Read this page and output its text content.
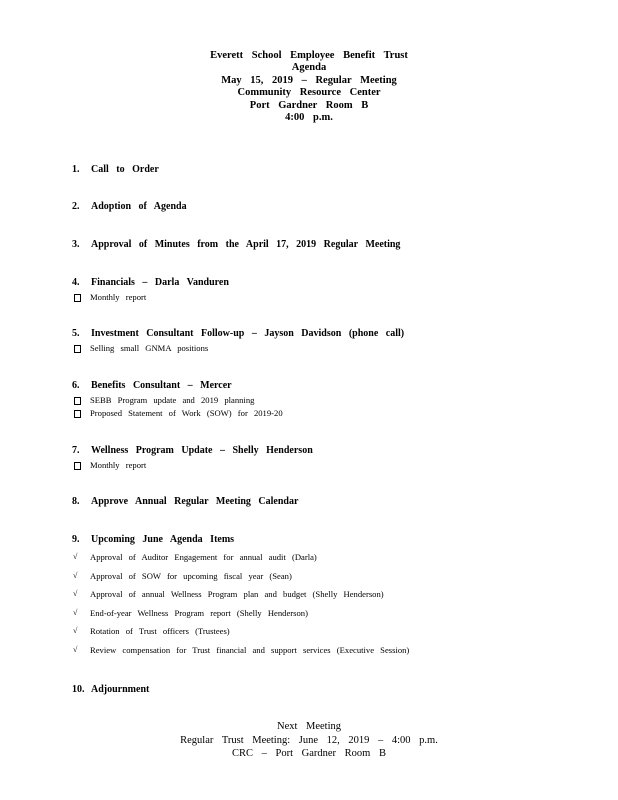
Everett School Employee Benefit Trust
Agenda
May 15, 2019 – Regular Meeting
Community Resource Center
Port Gardner Room B
4:00 p.m.
1. Call to Order
2. Adoption of Agenda
3. Approval of Minutes from the April 17, 2019 Regular Meeting
4. Financials – Darla Vanduren
Monthly report
5. Investment Consultant Follow-up – Jayson Davidson (phone call)
Selling small GNMA positions
6. Benefits Consultant – Mercer
SEBB Program update and 2019 planning
Proposed Statement of Work (SOW) for 2019-20
7. Wellness Program Update – Shelly Henderson
Monthly report
8. Approve Annual Regular Meeting Calendar
9. Upcoming June Agenda Items
√ Approval of Auditor Engagement for annual audit (Darla)
√ Approval of SOW for upcoming fiscal year (Sean)
√ Approval of annual Wellness Program plan and budget (Shelly Henderson)
√ End-of-year Wellness Program report (Shelly Henderson)
√ Rotation of Trust officers (Trustees)
√ Review compensation for Trust financial and support services (Executive Session)
10. Adjournment
Next Meeting
Regular Trust Meeting: June 12, 2019 – 4:00 p.m.
CRC – Port Gardner Room B
